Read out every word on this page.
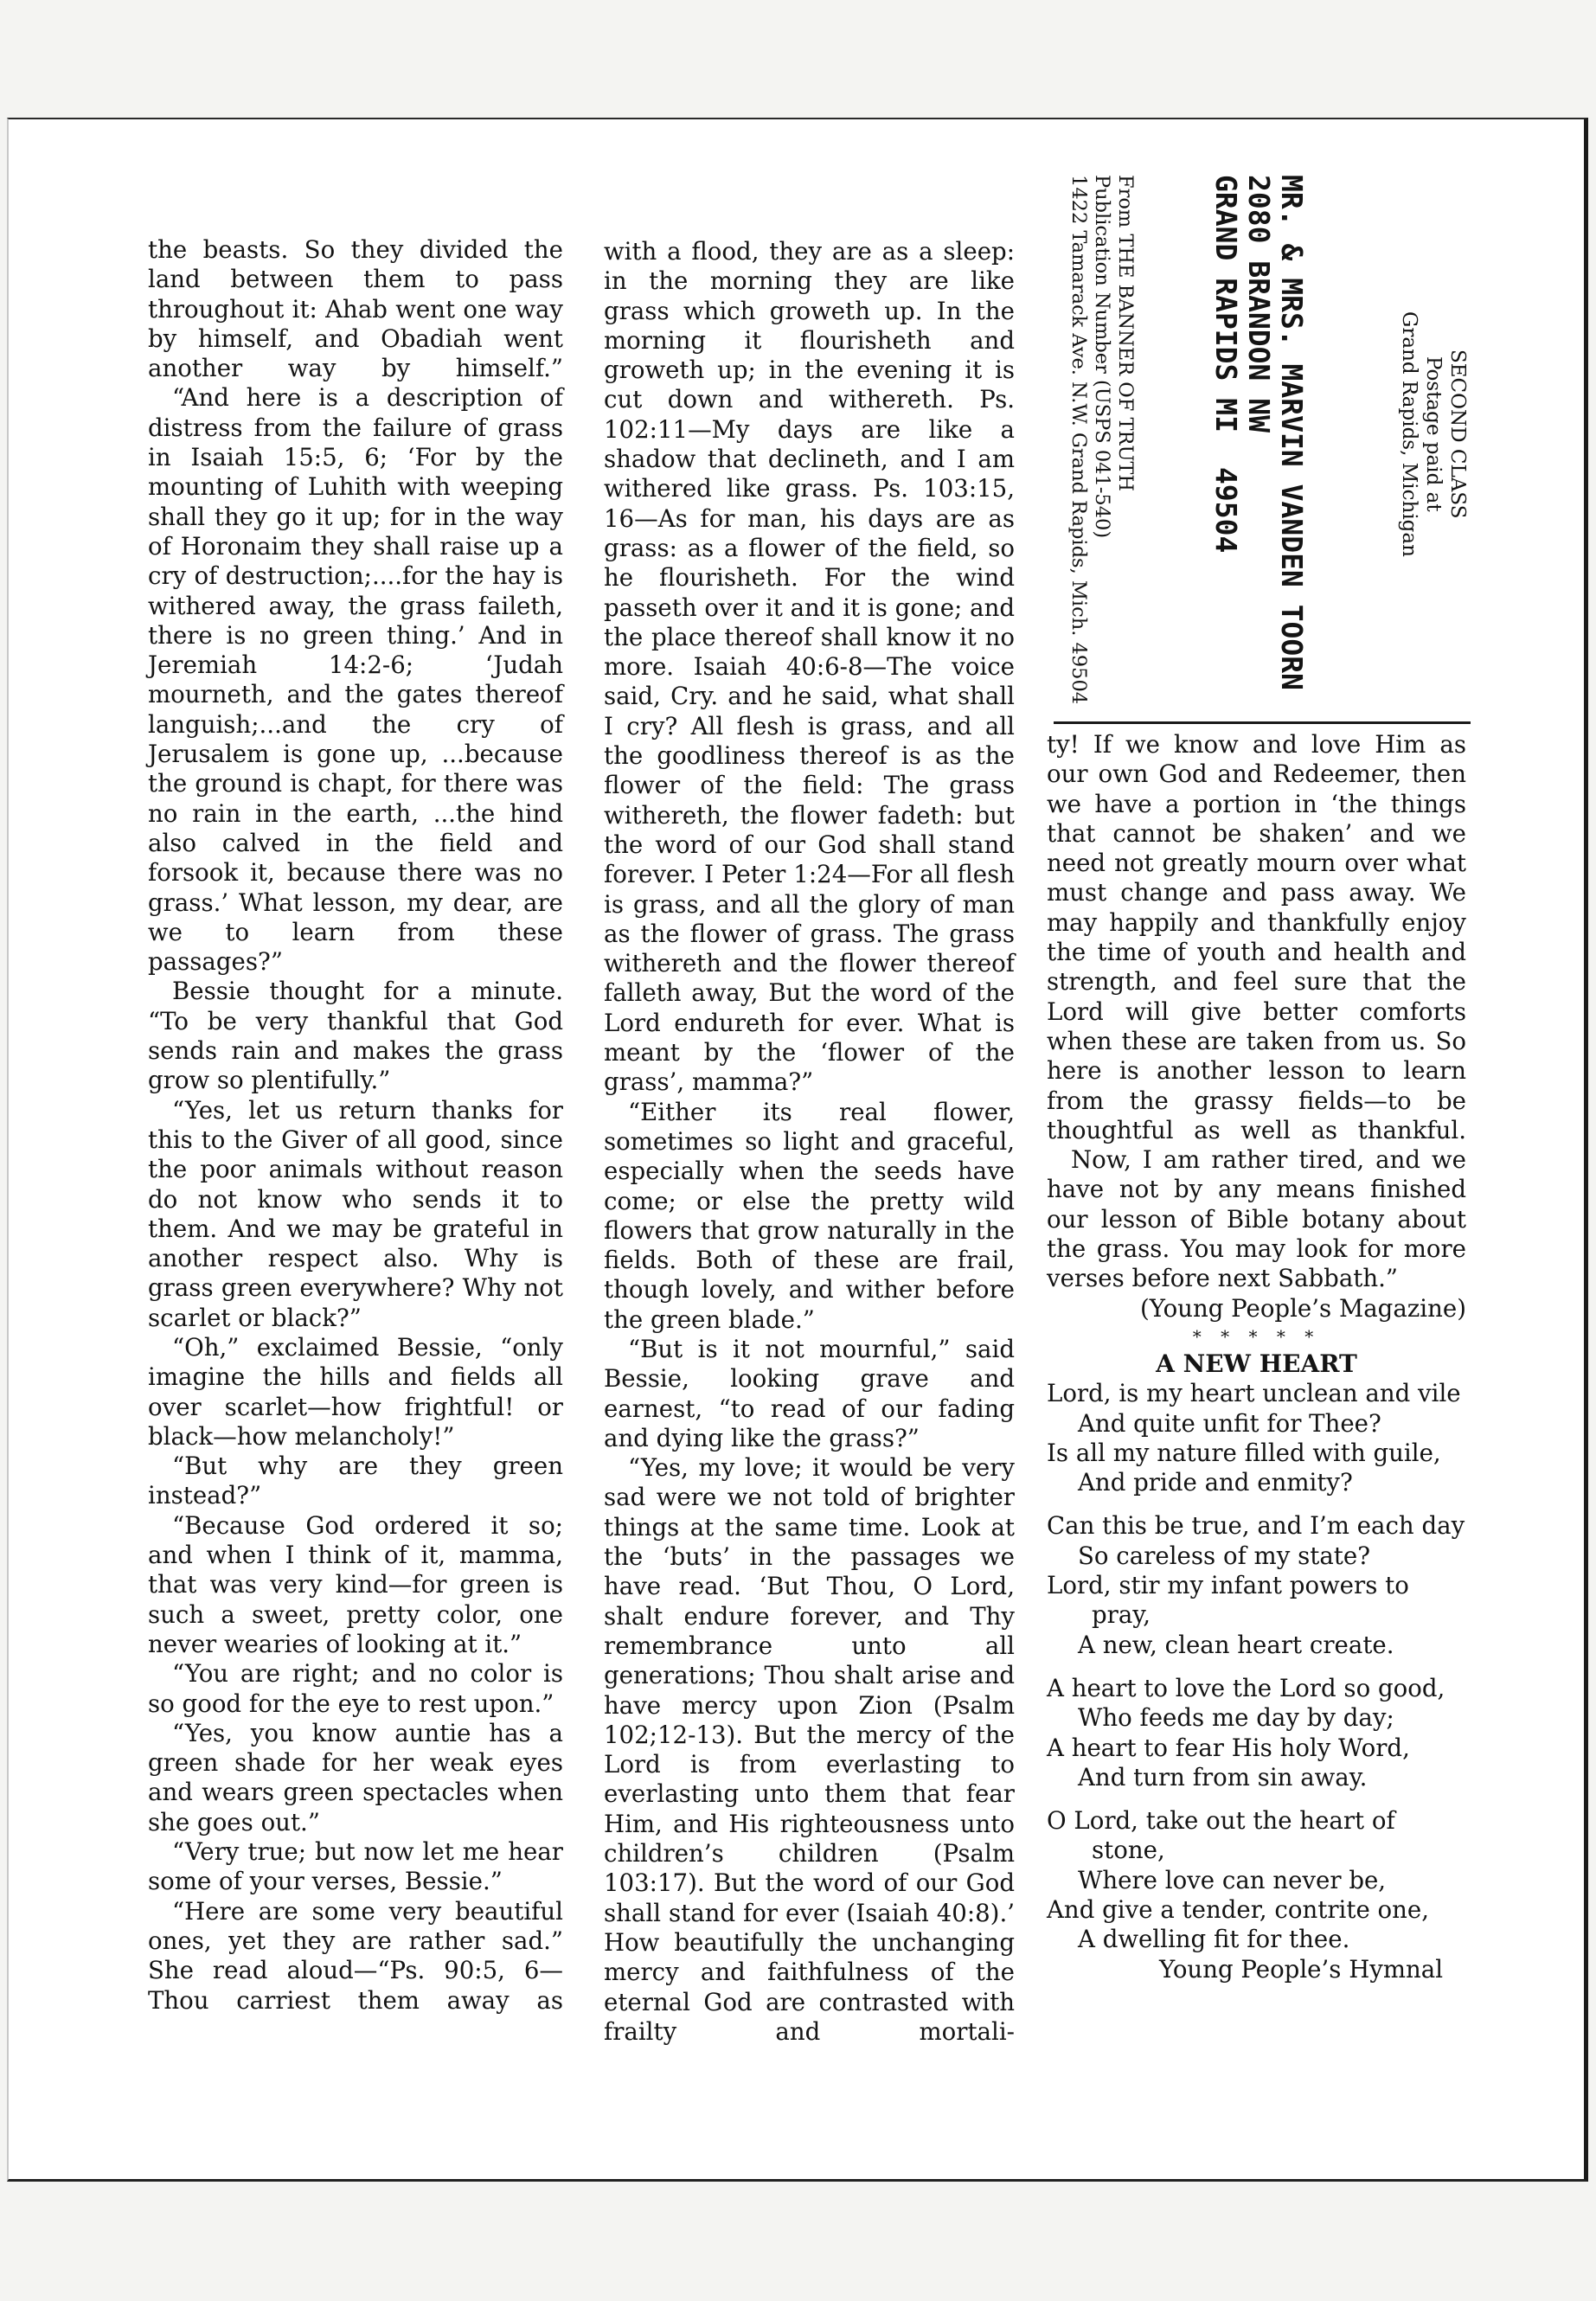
the beasts. So they divided the land between them to pass throughout it: Ahab went one way by himself, and Obadiah went another way by himself.”

“And here is a description of distress from the failure of grass in Isaiah 15:5, 6; ‘For by the mounting of Luhith with weeping shall they go it up; for in the way of Horonaim they shall raise up a cry of destruction;....for the hay is withered away, the grass faileth, there is no green thing.’ And in Jeremiah 14:2-6; ‘Judah mourneth, and the gates thereof languish;...and the cry of Jerusalem is gone up, ...because the ground is chapt, for there was no rain in the earth, ...the hind also calved in the field and forsook it, because there was no grass.’ What lesson, my dear, are we to learn from these passages?”

Bessie thought for a minute. “To be very thankful that God sends rain and makes the grass grow so plentifully.”

“Yes, let us return thanks for this to the Giver of all good, since the poor animals without reason do not know who sends it to them. And we may be grateful in another respect also. Why is grass green everywhere? Why not scarlet or black?”

“Oh,” exclaimed Bessie, “only imagine the hills and fields all over scarlet—how frightful! or black—how melancholy!”

“But why are they green instead?”

“Because God ordered it so; and when I think of it, mamma, that was very kind—for green is such a sweet, pretty color, one never wearies of looking at it.”

“You are right; and no color is so good for the eye to rest upon.”

“Yes, you know auntie has a green shade for her weak eyes and wears green spectacles when she goes out.”

“Very true; but now let me hear some of your verses, Bessie.”

“Here are some very beautiful ones, yet they are rather sad.” She read aloud—“Ps. 90:5, 6—Thou carriest them away as

with a flood, they are as a sleep: in the morning they are like grass which groweth up. In the morning it flourisheth and groweth up; in the evening it is cut down and withereth. Ps. 102:11—My days are like a shadow that declineth, and I am withered like grass. Ps. 103:15, 16—As for man, his days are as grass: as a flower of the field, so he flourisheth. For the wind passeth over it and it is gone; and the place thereof shall know it no more. Isaiah 40:6-8—The voice said, Cry. and he said, what shall I cry? All flesh is grass, and all the goodliness thereof is as the flower of the field: The grass withereth, the flower fadeth: but the word of our God shall stand forever. I Peter 1:24—For all flesh is grass, and all the glory of man as the flower of grass. The grass withereth and the flower thereof falleth away, But the word of the Lord endureth for ever. What is meant by the ‘flower of the grass’, mamma?”

“Either its real flower, sometimes so light and graceful, especially when the seeds have come; or else the pretty wild flowers that grow naturally in the fields. Both of these are frail, though lovely, and wither before the green blade.”

“But is it not mournful,” said Bessie, looking grave and earnest, “to read of our fading and dying like the grass?”

“Yes, my love; it would be very sad were we not told of brighter things at the same time. Look at the ‘buts’ in the passages we have read. ‘But Thou, O Lord, shalt endure forever, and Thy remembrance unto all generations; Thou shalt arise and have mercy upon Zion (Psalm 102;12-13). But the mercy of the Lord is from everlasting to everlasting unto them that fear Him, and His righteousness unto children’s children (Psalm 103:17). But the word of our God shall stand for ever (Isaiah 40:8).’ How beautifully the unchanging mercy and faithfulness of the eternal God are contrasted with frailty and mortali-

SECOND CLASS
Postage paid at
Grand Rapids, Michigan
MR. & MRS. MARVIN VANDEN TOORN
2080 BRANDON NW
GRAND RAPIDS MI49504
From THE BANNER OF TRUTH
Publication Number (USPS 041-540)
1422 Tamarack Ave. N.W. Grand Rapids, Mich. 49504

ty! If we know and love Him as our own God and Redeemer, then we have a portion in ‘the things that cannot be shaken’ and we need not greatly mourn over what must change and pass away. We may happily and thankfully enjoy the time of youth and health and strength, and feel sure that the Lord will give better comforts when these are taken from us. So here is another lesson to learn from the grassy fields—to be thoughtful as well as thankful.

Now, I am rather tired, and we have not by any means finished our lesson of Bible botany about the grass. You may look for more verses before next Sabbath.”

(Young People’s Magazine)

* * * * *

A NEW HEART

Lord, is my heart unclean and vile
And quite unfit for Thee?
Is all my nature filled with guile,
And pride and enmity?
Can this be true, and I’m each day
So careless of my state?
Lord, stir my infant powers to
pray,
A new, clean heart create.
A heart to love the Lord so good,
Who feeds me day by day;
A heart to fear His holy Word,
And turn from sin away.
O Lord, take out the heart of
stone,
Where love can never be,
And give a tender, contrite one,
A dwelling fit for thee.

Young People’s Hymnal
